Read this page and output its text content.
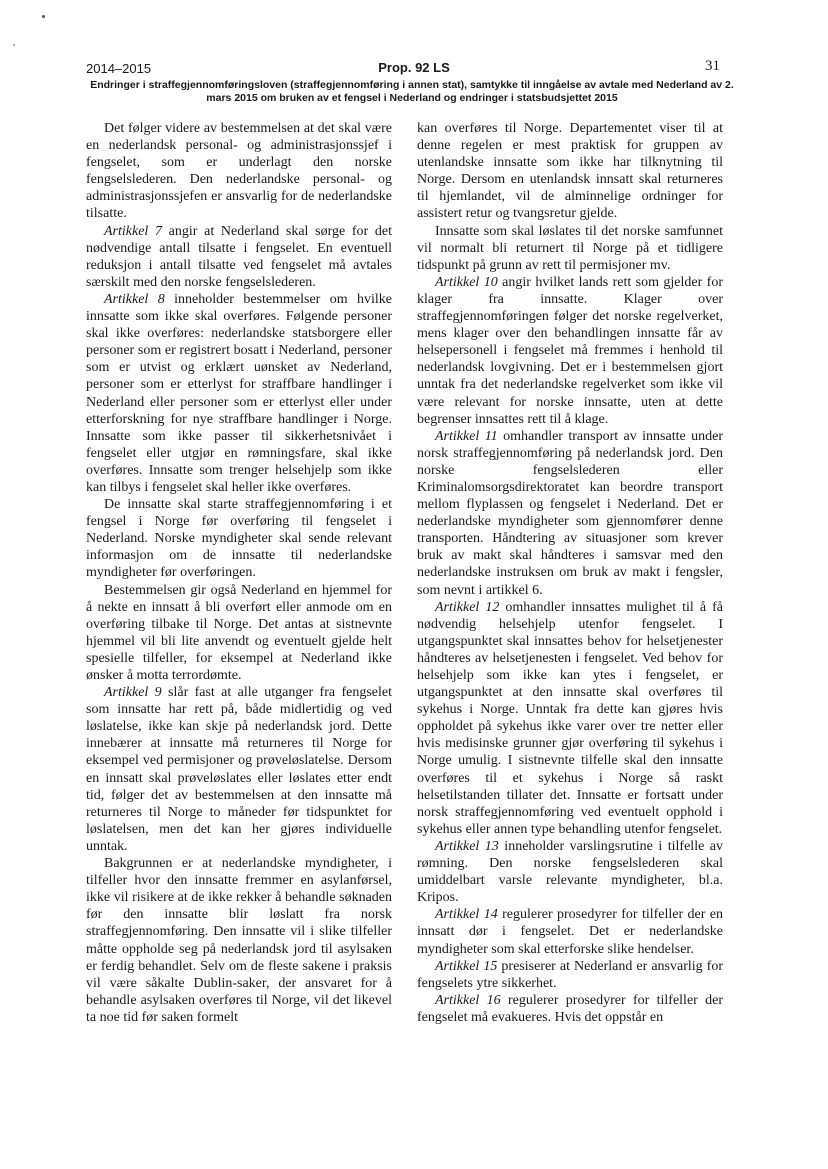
2014–2015	Prop. 92 LS	31

Endringer i straffegjennomføringsloven (straffegjennomføring i annen stat), samtykke til inngåelse av avtale med Nederland av 2. mars 2015 om bruken av et fengsel i Nederland og endringer i statsbudsjettet 2015

Det følger videre av bestemmelsen at det skal være en nederlandsk personal- og administrasjonssjef i fengselet, som er underlagt den norske fengselslederen. Den nederlandske personal- og administrasjonssjefen er ansvarlig for de nederlandske tilsatte.

Artikkel 7 angir at Nederland skal sørge for det nødvendige antall tilsatte i fengselet. En eventuell reduksjon i antall tilsatte ved fengselet må avtales særskilt med den norske fengselslederen.

Artikkel 8 inneholder bestemmelser om hvilke innsatte som ikke skal overføres. Følgende personer skal ikke overføres: nederlandske statsborgere eller personer som er registrert bosatt i Nederland, personer som er utvist og erklært uønsket av Nederland, personer som er etterlyst for straffbare handlinger i Nederland eller personer som er etterlyst eller under etterforskning for nye straffbare handlinger i Norge. Innsatte som ikke passer til sikkerhetsnivået i fengselet eller utgjør en rømningsfare, skal ikke overføres. Innsatte som trenger helsehjelp som ikke kan tilbys i fengselet skal heller ikke overføres.

De innsatte skal starte straffegjennomføring i et fengsel i Norge før overføring til fengselet i Nederland. Norske myndigheter skal sende relevant informasjon om de innsatte til nederlandske myndigheter før overføringen.

Bestemmelsen gir også Nederland en hjemmel for å nekte en innsatt å bli overført eller anmode om en overføring tilbake til Norge. Det antas at sistnevnte hjemmel vil bli lite anvendt og eventuelt gjelde helt spesielle tilfeller, for eksempel at Nederland ikke ønsker å motta terrordømte.

Artikkel 9 slår fast at alle utganger fra fengselet som innsatte har rett på, både midlertidig og ved løslatelse, ikke kan skje på nederlandsk jord. Dette innebærer at innsatte må returneres til Norge for eksempel ved permisjoner og prøveløslatelse. Dersom en innsatt skal prøveløslates eller løslates etter endt tid, følger det av bestemmelsen at den innsatte må returneres til Norge to måneder før tidspunktet for løslatelsen, men det kan her gjøres individuelle unntak.

Bakgrunnen er at nederlandske myndigheter, i tilfeller hvor den innsatte fremmer en asylanførsel, ikke vil risikere at de ikke rekker å behandle søknaden før den innsatte blir løslatt fra norsk straffegjennomføring. Den innsatte vil i slike tilfeller måtte oppholde seg på nederlandsk jord til asylsaken er ferdig behandlet. Selv om de fleste sakene i praksis vil være såkalte Dublin-saker, der ansvaret for å behandle asylsaken overføres til Norge, vil det likevel ta noe tid før saken formelt

kan overføres til Norge. Departementet viser til at denne regelen er mest praktisk for gruppen av utenlandske innsatte som ikke har tilknytning til Norge. Dersom en utenlandsk innsatt skal returneres til hjemlandet, vil de alminnelige ordninger for assistert retur og tvangsretur gjelde.

Innsatte som skal løslates til det norske samfunnet vil normalt bli returnert til Norge på et tidligere tidspunkt på grunn av rett til permisjoner mv.

Artikkel 10 angir hvilket lands rett som gjelder for klager fra innsatte. Klager over straffegjennomføringen følger det norske regelverket, mens klager over den behandlingen innsatte får av helsepersonell i fengselet må fremmes i henhold til nederlandsk lovgivning. Det er i bestemmelsen gjort unntak fra det nederlandske regelverket som ikke vil være relevant for norske innsatte, uten at dette begrenser innsattes rett til å klage.

Artikkel 11 omhandler transport av innsatte under norsk straffegjennomføring på nederlandsk jord. Den norske fengselslederen eller Kriminalomsorgsdirektoratet kan beordre transport mellom flyplassen og fengselet i Nederland. Det er nederlandske myndigheter som gjennomfører denne transporten. Håndtering av situasjoner som krever bruk av makt skal håndteres i samsvar med den nederlandske instruksen om bruk av makt i fengsler, som nevnt i artikkel 6.

Artikkel 12 omhandler innsattes mulighet til å få nødvendig helsehjelp utenfor fengselet. I utgangspunktet skal innsattes behov for helsetjenester håndteres av helsetjenesten i fengselet. Ved behov for helsehjelp som ikke kan ytes i fengselet, er utgangspunktet at den innsatte skal overføres til sykehus i Norge. Unntak fra dette kan gjøres hvis oppholdet på sykehus ikke varer over tre netter eller hvis medisinske grunner gjør overføring til sykehus i Norge umulig. I sistnevnte tilfelle skal den innsatte overføres til et sykehus i Norge så raskt helsetilstanden tillater det. Innsatte er fortsatt under norsk straffegjennomføring ved eventuelt opphold i sykehus eller annen type behandling utenfor fengselet.

Artikkel 13 inneholder varslingsrutine i tilfelle av rømning. Den norske fengselslederen skal umiddelbart varsle relevante myndigheter, bl.a. Kripos.

Artikkel 14 regulerer prosedyrer for tilfeller der en innsatt dør i fengselet. Det er nederlandske myndigheter som skal etterforske slike hendelser.

Artikkel 15 presiserer at Nederland er ansvarlig for fengselets ytre sikkerhet.

Artikkel 16 regulerer prosedyrer for tilfeller der fengselet må evakueres. Hvis det oppstår en
